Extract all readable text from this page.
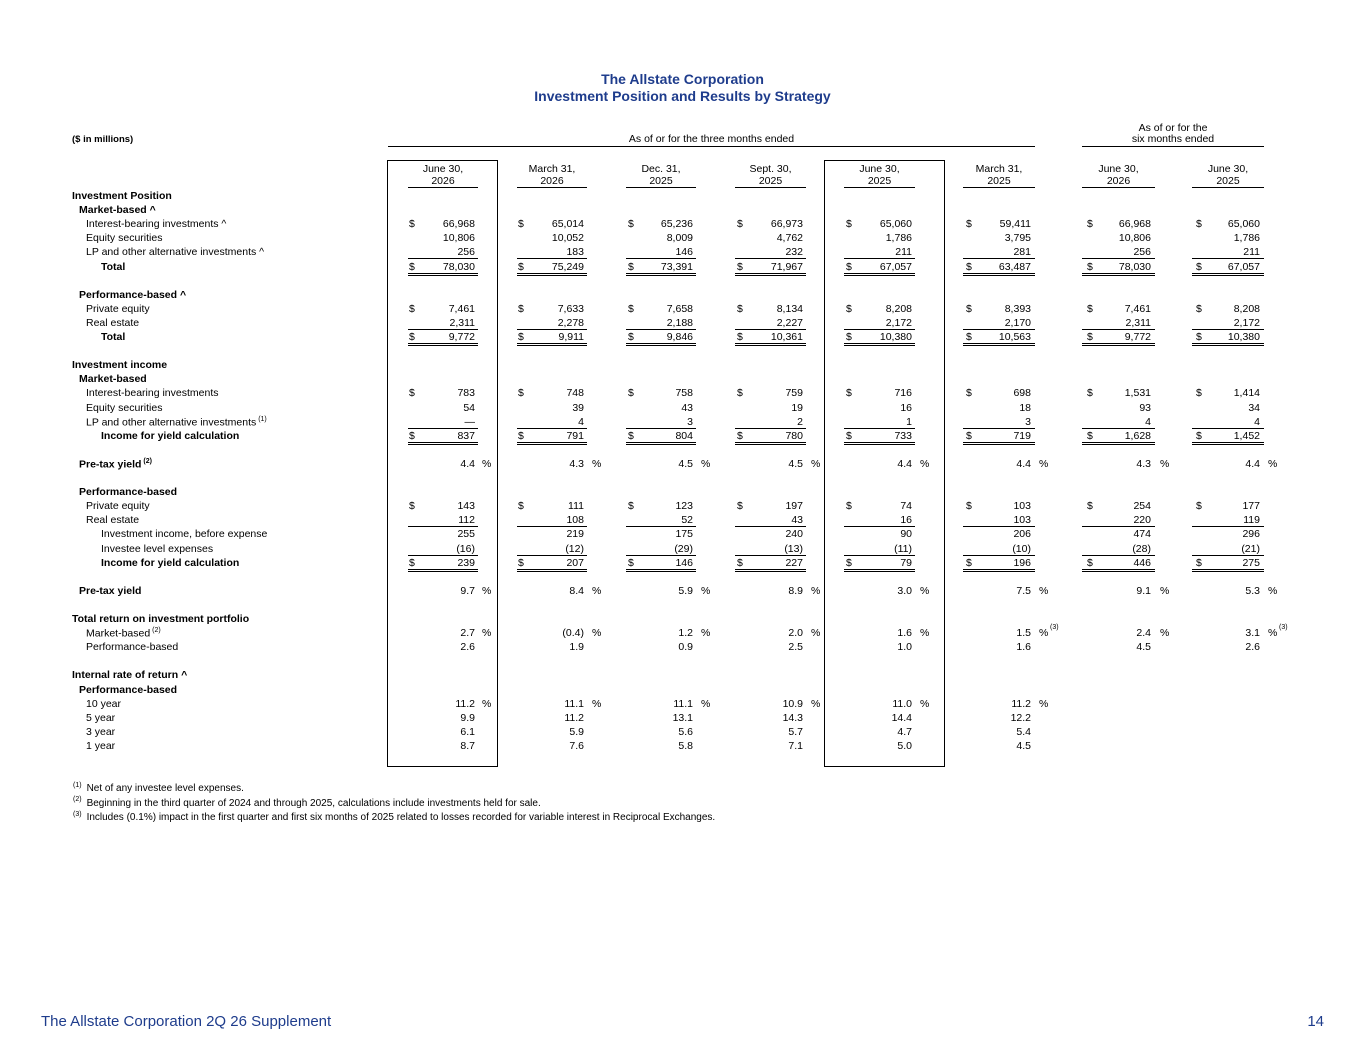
The Allstate Corporation
Investment Position and Results by Strategy
($ in millions)	As of or for the three months ended
As of or for the
six months ended
June 30,
2026
March 31,
2026
Dec. 31,
2025
Sept. 30,
2025
June 30,
2025
March 31,
2025
June 30,
2026
June 30,
2025
Investment Position
Market-based ^
Interest-bearing investments ^	$	66,968	$	65,014	$	65,236	$	66,973	$	65,060	$	59,411	$	66,968	$	65,060
Equity securities	10,806	10,052	8,009	4,762	1,786	3,795	10,806	1,786
LP and other alternative investments ^	256	183	146	232	211	281	256	211
Total	$	78,030	$	75,249	$	73,391	$	71,967	$	67,057	$	63,487	$	78,030	$	67,057
Performance-based ^
Private equity	$	7,461	$	7,633	$	7,658	$	8,134	$	8,208	$	8,393	$	7,461	$	8,208
Real estate	2,311	2,278	2,188	2,227	2,172	2,170	2,311	2,172
Total	$	9,772	$	9,911	$	9,846	$	10,361	$	10,380	$	10,563	$	9,772	$	10,380
Investment income
Market-based
Interest-bearing investments	$	783	$	748	$	758	$	759	$	716	$	698	$	1,531	$	1,414
Equity securities	54	39	43	19	16	18	93	34
LP and other alternative investments $^{(1)}$	—	4	3	2	1	3	4	4
Income for yield calculation	$	837	$	791	$	804	$	780	$	733	$	719	$	1,628	$	1,452
Pre-tax yield $^{(2)}$	4.4 %	4.3 %	4.5 %	4.5 %	4.4 %	4.4 %	4.3 %	4.4 %
Performance-based
Private equity	$	143	$	111	$	123	$	197	$	74	$	103	$	254	$	177
Real estate	112	108	52	43	16	103	220	119
Investment income, before expense	255	219	175	240	90	206	474	296
Investee level expenses	(16)	(12)	(29)	(13)	(11)	(10)	(28)	(21)
Income for yield calculation	$	239	$	207	$	146	$	227	$	79	$	196	$	446	$	275
Pre-tax yield	9.7 %	8.4 %	5.9 %	8.9 %	3.0 %	7.5 %	9.1 %	5.3 %
Total return on investment portfolio
Market-based $^{(2)}$	2.7 %	(0.4) %	1.2 %	2.0 %	1.6 %	1.5 % (3)	2.4 %	3.1 % (3)
Performance-based	2.6	1.9	0.9	2.5	1.0	1.6	4.5	2.6
Internal rate of return ^
Performance-based
10 year	11.2 %	11.1 %	11.1 %	10.9 %	11.0 %	11.2 %
5 year	9.9	11.2	13.1	14.3	14.4	12.2
3 year	6.1	5.9	5.6	5.7	4.7	5.4
1 year	8.7	7.6	5.8	7.1	5.0	4.5
$^{(1)}$ Net of any investee level expenses.
$^{(2)}$ Beginning in the third quarter of 2024 and through 2025, calculations include investments held for sale.
$^{(3)}$ Includes (0.1%) impact in the first quarter and first six months of 2025 related to losses recorded for variable interest in Reciprocal Exchanges.
The Allstate Corporation 2Q 26 Supplement	14
